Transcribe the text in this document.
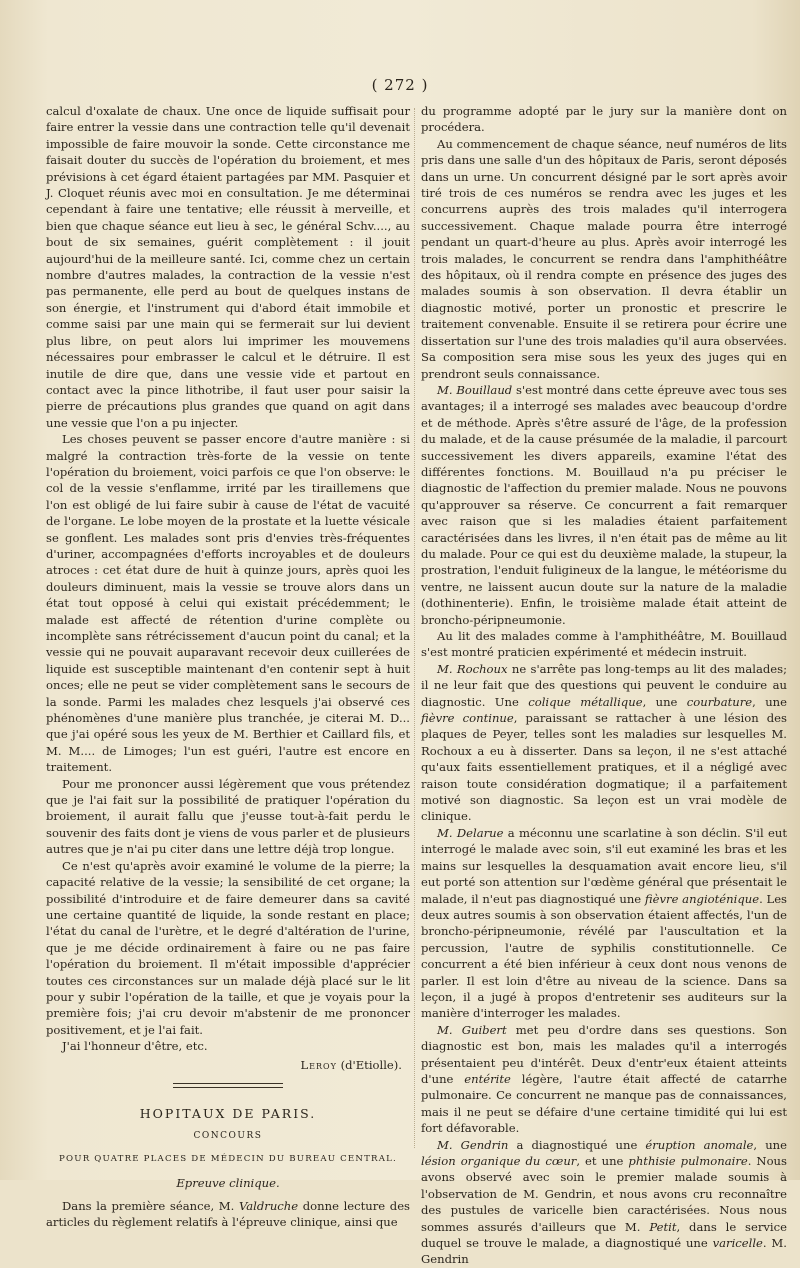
( 272 )

calcul d'oxalate de chaux. Une once de liquide suffisait pour faire entrer la vessie dans une contraction telle qu'il devenait impossible de faire mouvoir la sonde. Cette circonstance me faisait douter du succès de l'opération du broiement, et mes prévisions à cet égard étaient partagées par MM. Pasquier et J. Cloquet réunis avec moi en consultation. Je me déterminai cependant à faire une tentative; elle réussit à merveille, et bien que chaque séance eut lieu à sec, le général Schv...., au bout de six semaines, guérit complètement : il jouit aujourd'hui de la meilleure santé. Ici, comme chez un certain nombre d'autres malades, la contraction de la vessie n'est pas permanente, elle perd au bout de quelques instans de son énergie, et l'instrument qui d'abord était immobile et comme saisi par une main qui se fermerait sur lui devient plus libre, on peut alors lui imprimer les mouvemens nécessaires pour embrasser le calcul et le détruire. Il est inutile de dire que, dans une vessie vide et partout en contact avec la pince lithotribe, il faut user pour saisir la pierre de précautions plus grandes que quand on agit dans une vessie que l'on a pu injecter.

Les choses peuvent se passer encore d'autre manière : si malgré la contraction très-forte de la vessie on tente l'opération du broiement, voici parfois ce que l'on observe: le col de la vessie s'enflamme, irrité par les tiraillemens que l'on est obligé de lui faire subir à cause de l'état de vacuité de l'organe. Le lobe moyen de la prostate et la luette vésicale se gonflent. Les malades sont pris d'envies très-fréquentes d'uriner, accompagnées d'efforts incroyables et de douleurs atroces : cet état dure de huit à quinze jours, après quoi les douleurs diminuent, mais la vessie se trouve alors dans un état tout opposé à celui qui existait précédemment; le malade est affecté de rétention d'urine complète ou incomplète sans rétrécissement d'aucun point du canal; et la vessie qui ne pouvait auparavant recevoir deux cuillerées de liquide est susceptible maintenant d'en contenir sept à huit onces; elle ne peut se vider complètement sans le secours de la sonde. Parmi les malades chez lesquels j'ai observé ces phénomènes d'une manière plus tranchée, je citerai M. D... que j'ai opéré sous les yeux de M. Berthier et Caillard fils, et M. M.... de Limoges; l'un est guéri, l'autre est encore en traitement.

Pour me prononcer aussi légèrement que vous prétendez que je l'ai fait sur la possibilité de pratiquer l'opération du broiement, il aurait fallu que j'eusse tout-à-fait perdu le souvenir des faits dont je viens de vous parler et de plusieurs autres que je n'ai pu citer dans une lettre déjà trop longue.

Ce n'est qu'après avoir examiné le volume de la pierre; la capacité relative de la vessie; la sensibilité de cet organe; la possibilité d'introduire et de faire demeurer dans sa cavité une certaine quantité de liquide, la sonde restant en place; l'état du canal de l'urètre, et le degré d'altération de l'urine, que je me décide ordinairement à faire ou ne pas faire l'opération du broiement. Il m'était impossible d'apprécier toutes ces circonstances sur un malade déjà placé sur le lit pour y subir l'opération de la taille, et que je voyais pour la première fois; j'ai cru devoir m'abstenir de me prononcer positivement, et je l'ai fait.

J'ai l'honneur d'être, etc.

Leroy (d'Etiolle).
HOPITAUX DE PARIS.
CONCOURS
POUR QUATRE PLACES DE MÉDECIN DU BUREAU CENTRAL.
Epreuve clinique.

Dans la première séance, M. Valdruche donne lecture des articles du règlement relatifs à l'épreuve clinique, ainsi que

du programme adopté par le jury sur la manière dont on procédera.

Au commencement de chaque séance, neuf numéros de lits pris dans une salle d'un des hôpitaux de Paris, seront déposés dans un urne. Un concurrent désigné par le sort après avoir tiré trois de ces numéros se rendra avec les juges et les concurrens auprès des trois malades qu'il interrogera successivement. Chaque malade pourra être interrogé pendant un quart-d'heure au plus. Après avoir interrogé les trois malades, le concurrent se rendra dans l'amphithéâtre des hôpitaux, où il rendra compte en présence des juges des malades soumis à son observation. Il devra établir un diagnostic motivé, porter un pronostic et prescrire le traitement convenable. Ensuite il se retirera pour écrire une dissertation sur l'une des trois maladies qu'il aura observées. Sa composition sera mise sous les yeux des juges qui en prendront seuls connaissance.

M. Bouillaud s'est montré dans cette épreuve avec tous ses avantages; il a interrogé ses malades avec beaucoup d'ordre et de méthode. Après s'être assuré de l'âge, de la profession du malade, et de la cause présumée de la maladie, il parcourt successivement les divers appareils, examine l'état des différentes fonctions. M. Bouillaud n'a pu préciser le diagnostic de l'affection du premier malade. Nous ne pouvons qu'approuver sa réserve. Ce concurrent a fait remarquer avec raison que si les maladies étaient parfaitement caractérisées dans les livres, il n'en était pas de même au lit du malade. Pour ce qui est du deuxième malade, la stupeur, la prostration, l'enduit fuligineux de la langue, le météorisme du ventre, ne laissent aucun doute sur la nature de la maladie (dothinenterie). Enfin, le troisième malade était atteint de broncho-péripneumonie.

Au lit des malades comme à l'amphithéâtre, M. Bouillaud s'est montré praticien expérimenté et médecin instruit.

M. Rochoux ne s'arrête pas long-temps au lit des malades; il ne leur fait que des questions qui peuvent le conduire au diagnostic. Une colique métallique, une courbature, une fièvre continue, paraissant se rattacher à une lésion des plaques de Peyer, telles sont les maladies sur lesquelles M. Rochoux a eu à disserter. Dans sa leçon, il ne s'est attaché qu'aux faits essentiellement pratiques, et il a négligé avec raison toute considération dogmatique; il a parfaitement motivé son diagnostic. Sa leçon est un vrai modèle de clinique.

M. Delarue a méconnu une scarlatine à son déclin. S'il eut interrogé le malade avec soin, s'il eut examiné les bras et les mains sur lesquelles la desquamation avait encore lieu, s'il eut porté son attention sur l'œdème général que présentait le malade, il n'eut pas diagnostiqué une fièvre angioténique. Les deux autres soumis à son observation étaient affectés, l'un de broncho-péripneumonie, révélé par l'auscultation et la percussion, l'autre de syphilis constitutionnelle. Ce concurrent a été bien inférieur à ceux dont nous venons de parler. Il est loin d'être au niveau de la science. Dans sa leçon, il a jugé à propos d'entretenir ses auditeurs sur la manière d'interroger les malades.

M. Guibert met peu d'ordre dans ses questions. Son diagnostic est bon, mais les malades qu'il a interrogés présentaient peu d'intérêt. Deux d'entr'eux étaient atteints d'une entérite légère, l'autre était affecté de catarrhe pulmonaire. Ce concurrent ne manque pas de connaissances, mais il ne peut se défaire d'une certaine timidité qui lui est fort défavorable.

M. Gendrin a diagnostiqué une éruption anomale, une lésion organique du cœur, et une phthisie pulmonaire. Nous avons observé avec soin le premier malade soumis à l'observation de M. Gendrin, et nous avons cru reconnaître des pustules de varicelle bien caractérisées. Nous nous sommes assurés d'ailleurs que M. Petit, dans le service duquel se trouve le malade, a diagnostiqué une varicelle. M. Gendrin
